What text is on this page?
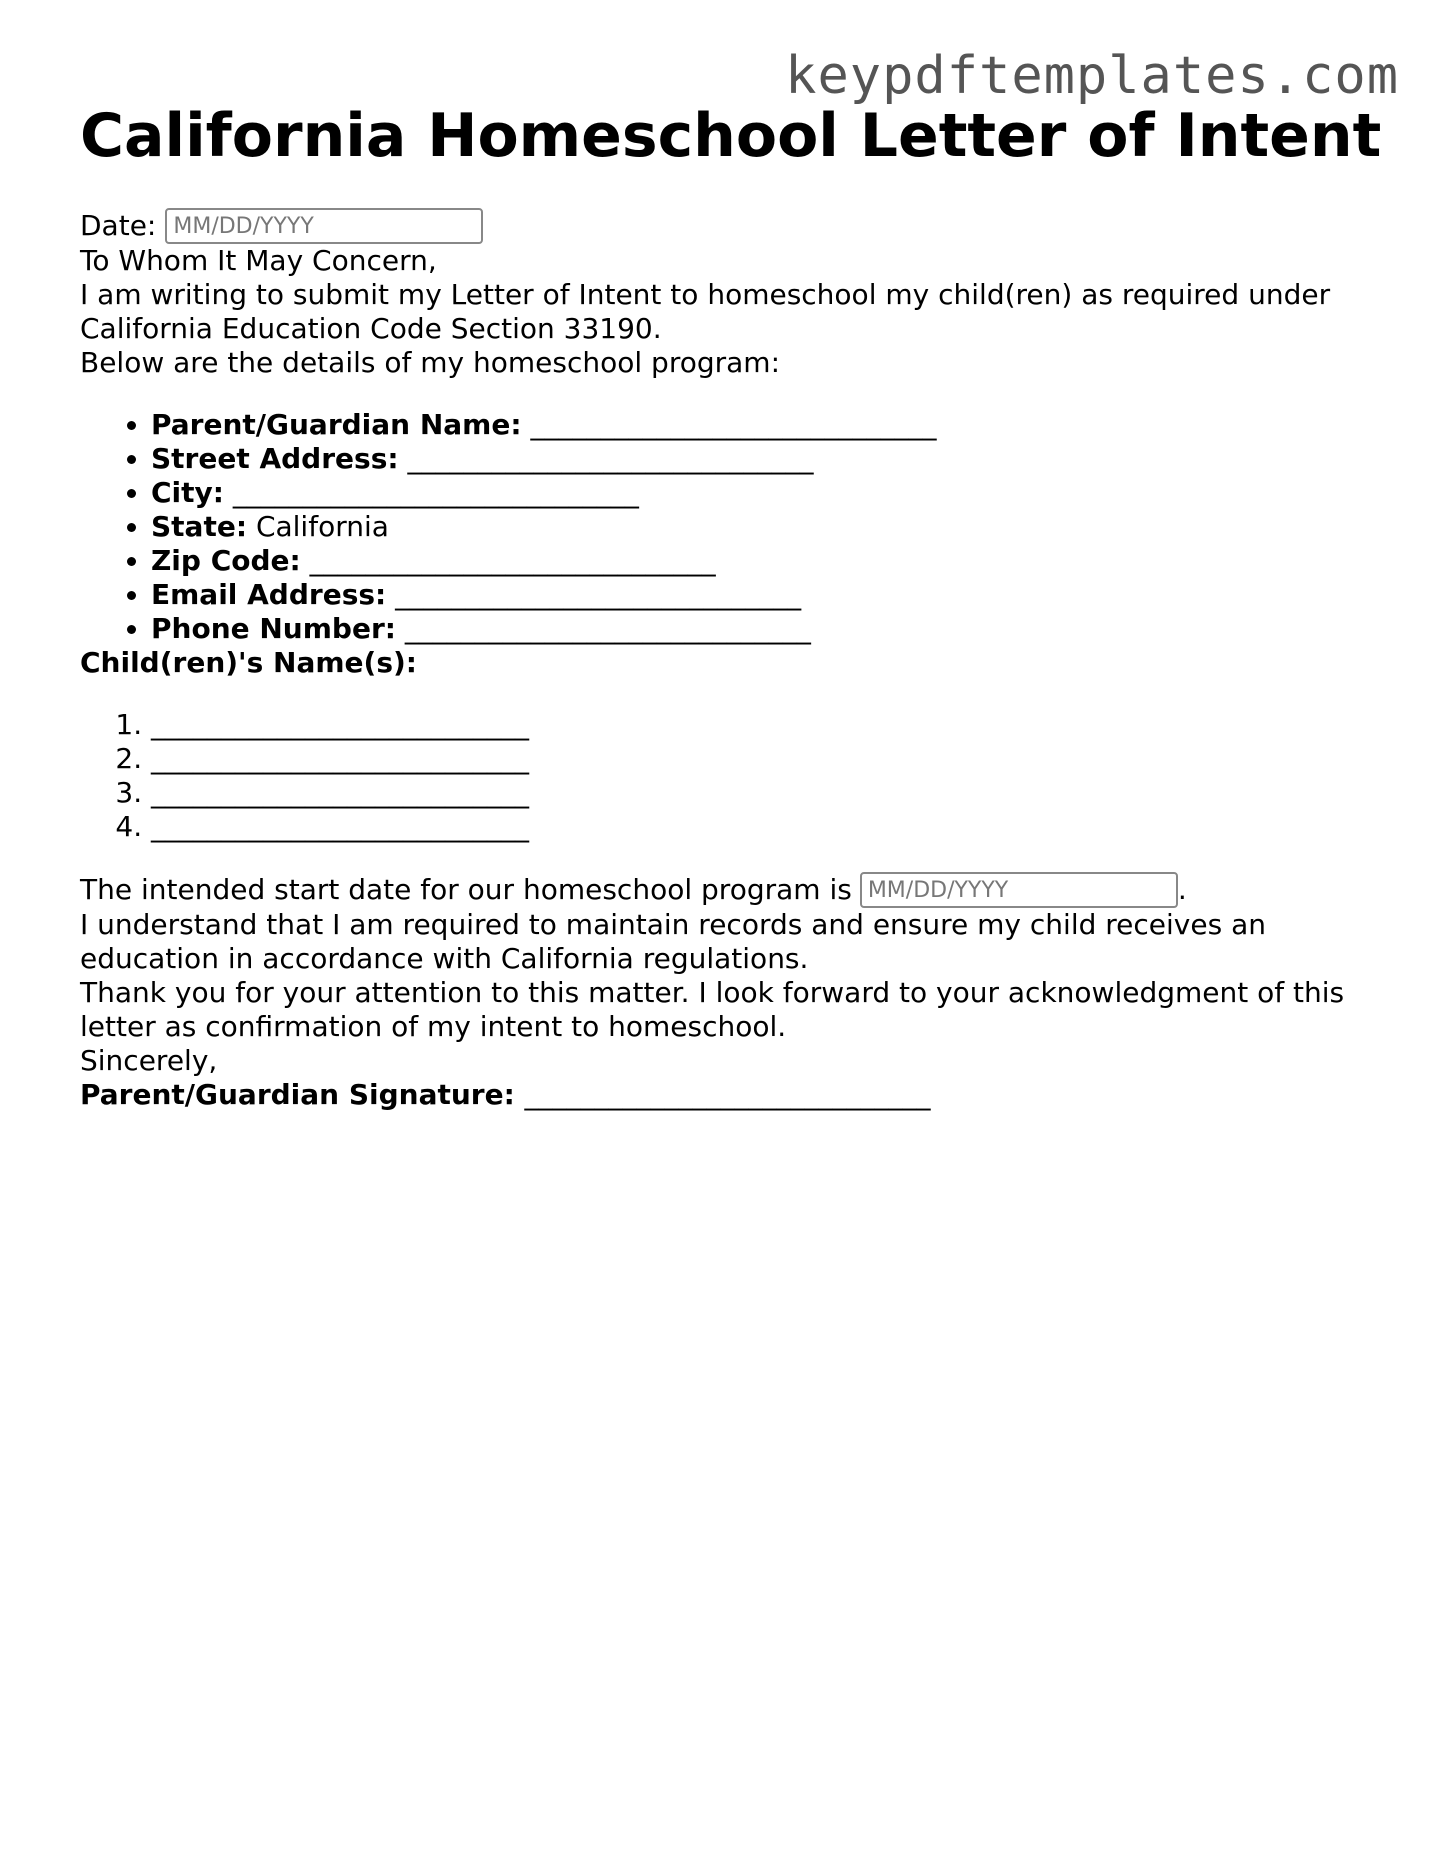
keypdftemplates.com
California Homeschool Letter of Intent
Date:
MM/DD/YYYY

To Whom It May Concern,

I am writing to submit my Letter of Intent to homeschool my child(ren) as required under California Education Code Section 33190.

Below are the details of my homeschool program:

• Parent/Guardian Name: _____________________________
• Street Address: _____________________________
• City: _____________________________
• State: California
• Zip Code: _____________________________
• Email Address: _____________________________
• Phone Number: _____________________________

Child(ren)'s Name(s):

1. ___________________________
2. ___________________________
3. ___________________________
4. ___________________________
The intended start date for our homeschool program is
MM/DD/YYYY	.

I understand that I am required to maintain records and ensure my child receives an education in accordance with California regulations.

Thank you for your attention to this matter. I look forward to your acknowledgment of this letter as confirmation of my intent to homeschool.

Sincerely,

Parent/Guardian Signature: _____________________________
